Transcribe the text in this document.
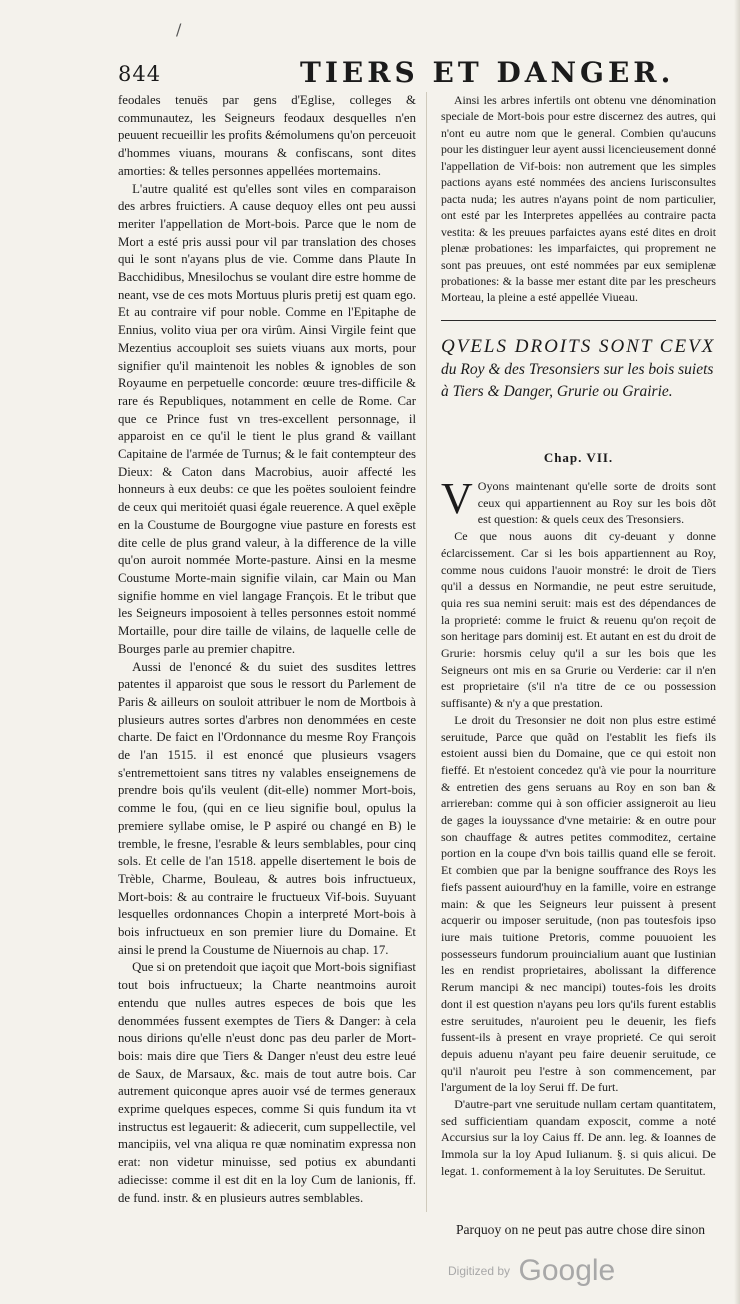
/
844	TIERS ET DANGER.

feodales tenuës par gens d'Eglise, colleges & communautez, les Seigneurs feodaux desquelles n'en peuuent recueillir les profits &émolumens qu'on perceuoit d'hommes viuans, mourans & confiscans, sont dites amorties: & telles personnes appellées mortemains.

L'autre qualité est qu'elles sont viles en comparaison des arbres fruictiers. A cause dequoy elles ont peu aussi meriter l'appellation de Mort-bois. Parce que le nom de Mort a esté pris aussi pour vil par translation des choses qui le sont n'ayans plus de vie. Comme dans Plaute In Bacchidibus, Mnesilochus se voulant dire estre homme de neant, vse de ces mots Mortuus pluris pretij est quam ego. Et au contraire vif pour noble. Comme en l'Epitaphe de Ennius, volito viua per ora virûm. Ainsi Virgile feint que Mezentius accouploit ses suiets viuans aux morts, pour signifier qu'il maintenoit les nobles & ignobles de son Royaume en perpetuelle concorde: œuure tres-difficile & rare és Republiques, notamment en celle de Rome. Car que ce Prince fust vn tres-excellent personnage, il apparoist en ce qu'il le tient le plus grand & vaillant Capitaine de l'armée de Turnus; & le fait contempteur des Dieux: & Caton dans Macrobius, auoir affecté les honneurs à eux deubs: ce que les poëtes souloient feindre de ceux qui meritoiét quasi égale reuerence. A quel exẽple en la Coustume de Bourgogne viue pasture en forests est dite celle de plus grand valeur, à la difference de la ville qu'on auroit nommée Morte-pasture. Ainsi en la mesme Coustume Morte-main signifie vilain, car Main ou Man signifie homme en viel langage François. Et le tribut que les Seigneurs imposoient à telles personnes estoit nommé Mortaille, pour dire taille de vilains, de laquelle celle de Bourges parle au premier chapitre.

Aussi de l'enoncé & du suiet des susdites lettres patentes il apparoist que sous le ressort du Parlement de Paris & ailleurs on souloit attribuer le nom de Mortbois à plusieurs autres sortes d'arbres non denommées en ceste charte. De faict en l'Ordonnance du mesme Roy François de l'an 1515. il est enoncé que plusieurs vsagers s'entremettoient sans titres ny valables enseignemens de prendre bois qu'ils veulent (dit-elle) nommer Mort-bois, comme le fou, (qui en ce lieu signifie boul, opulus la premiere syllabe omise, le P aspiré ou changé en B) le tremble, le fresne, l'esrable & leurs semblables, pour cinq sols. Et celle de l'an 1518. appelle disertement le bois de Trèble, Charme, Bouleau, & autres bois infructueux, Mort-bois: & au contraire le fructueux Vif-bois. Suyuant lesquelles ordonnances Chopin a interpreté Mort-bois à bois infructueux en son premier liure du Domaine. Et ainsi le prend la Coustume de Niuernois au chap. 17.

Que si on pretendoit que iaçoit que Mort-bois signifiast tout bois infructueux; la Charte neantmoins auroit entendu que nulles autres especes de bois que les denommées fussent exemptes de Tiers & Danger: à cela nous dirions qu'elle n'eust donc pas deu parler de Mort-bois: mais dire que Tiers & Danger n'eust deu estre leué de Saux, de Marsaux, &c. mais de tout autre bois. Car autrement quiconque apres auoir vsé de termes generaux exprime quelques especes, comme Si quis fundum ita vt instructus est legauerit: & adiecerit, cum suppellectile, vel mancipiis, vel vna aliqua re quæ nominatim expressa non erat: non videtur minuisse, sed potius ex abundanti adiecisse: comme il est dit en la loy Cum de lanionis, ff. de fund. instr. & en plusieurs autres semblables.

Ainsi les arbres infertils ont obtenu vne dénomination speciale de Mort-bois pour estre discernez des autres, qui n'ont eu autre nom que le general. Combien qu'aucuns pour les distinguer leur ayent aussi licencieusement donné l'appellation de Vif-bois: non autrement que les simples pactions ayans esté nommées des anciens Iurisconsultes pacta nuda; les autres n'ayans point de nom particulier, ont esté par les Interpretes appellées au contraire pacta vestita: & les preuues parfaictes ayans esté dites en droit plenæ probationes: les imparfaictes, qui proprement ne sont pas preuues, ont esté nommées par eux semiplenæ probationes: & la basse mer estant dite par les prescheurs Morteau, la pleine a esté appellée Viueau.

QVELS DROITS SONT CEVX
du Roy & des Tresonsiers sur les bois suiets à Tiers & Danger, Grurie ou Grairie.
Chap. VII.

V Oyons maintenant qu'elle sorte de droits sont ceux qui appartiennent au Roy sur les bois dõt est question: & quels ceux des Tresonsiers.

Ce que nous auons dit cy-deuant y donne éclarcissement. Car si les bois appartiennent au Roy, comme nous cuidons l'auoir monstré: le droit de Tiers qu'il a dessus en Normandie, ne peut estre seruitude, quia res sua nemini seruit: mais est des dépendances de la proprieté: comme le fruict & reuenu qu'on reçoit de son heritage pars dominij est. Et autant en est du droit de Grurie: horsmis celuy qu'il a sur les bois que les Seigneurs ont mis en sa Grurie ou Verderie: car il n'en est proprietaire (s'il n'a titre de ce ou possession suffisante) & n'y a que prestation.

Le droit du Tresonsier ne doit non plus estre estimé seruitude, Parce que quãd on l'establit les fiefs ils estoient aussi bien du Domaine, que ce qui estoit non fieffé. Et n'estoient concedez qu'à vie pour la nourriture & entretien des gens seruans au Roy en son ban & arriereban: comme qui à son officier assigneroit au lieu de gages la iouyssance d'vne metairie: & en outre pour son chauffage & autres petites commoditez, certaine portion en la coupe d'vn bois taillis quand elle se feroit. Et combien que par la benigne souffrance des Roys les fiefs passent auiourd'huy en la famille, voire en estrange main: & que les Seigneurs leur puissent à present acquerir ou imposer seruitude, (non pas toutesfois ipso iure mais tuitione Pretoris, comme pouuoient les possesseurs fundorum prouincialium auant que Iustinian les en rendist proprietaires, abolissant la difference Rerum mancipi & nec mancipi) toutes-fois les droits dont il est question n'ayans peu lors qu'ils furent establis estre seruitudes, n'auroient peu le deuenir, les fiefs fussent-ils à present en vraye proprieté. Ce qui seroit depuis aduenu n'ayant peu faire deuenir seruitude, ce qu'il n'auroit peu l'estre à son commencement, par l'argument de la loy Serui ff. De furt.

D'autre-part vne seruitude nullam certam quantitatem, sed sufficientiam quandam exposcit, comme a noté Accursius sur la loy Caius ff. De ann. leg. & Ioannes de Immola sur la loy Apud Iulianum. §. si quis alicui. De legat. 1. conformement à la loy Seruitutes. De Seruitut.

Parquoy on ne peut pas autre chose dire sinon
Digitized by Google
